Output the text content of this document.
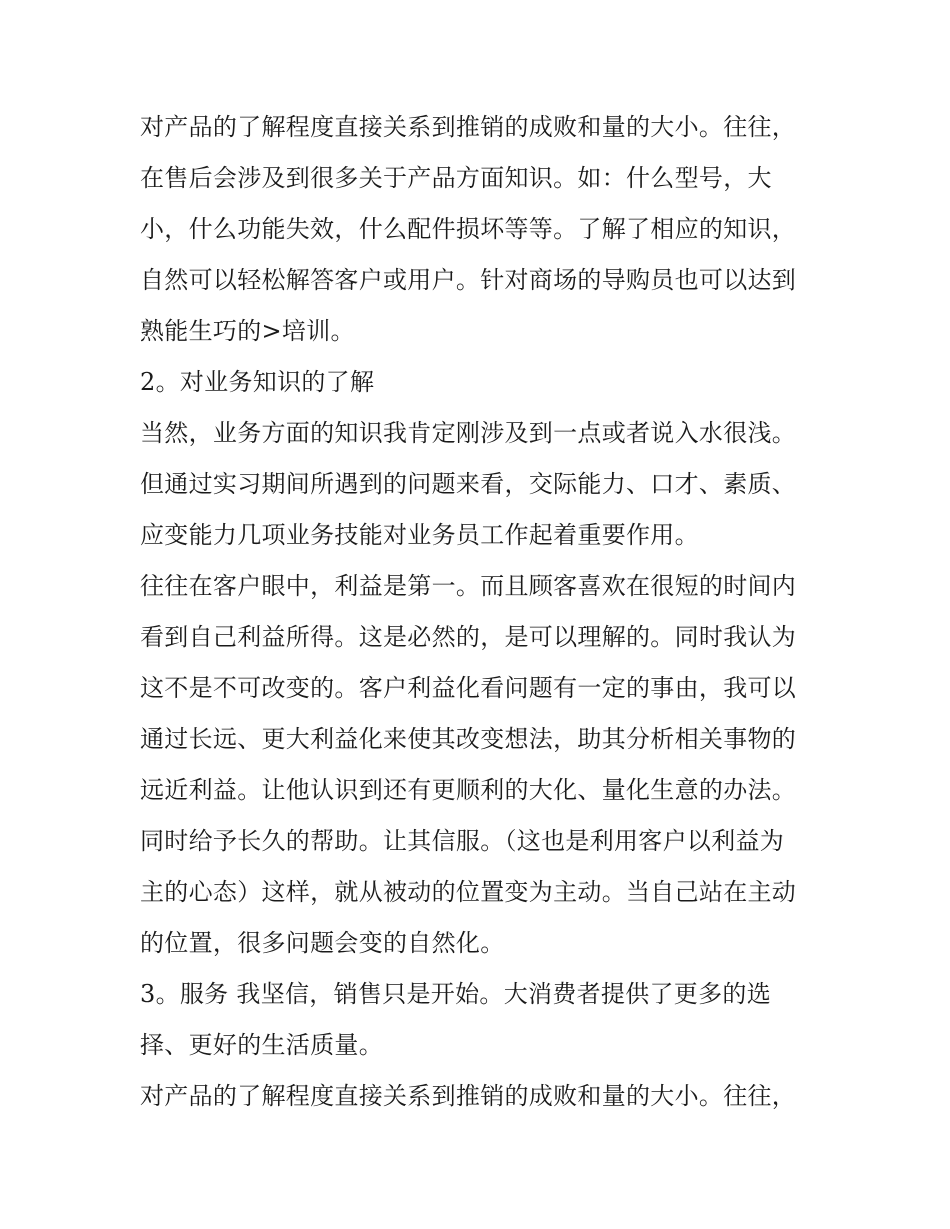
对产品的了解程度直接关系到推销的成败和量的大小。往往，
在售后会涉及到很多关于产品方面知识。如：什么型号，大
小，什么功能失效，什么配件损坏等等。了解了相应的知识，
自然可以轻松解答客户或用户。针对商场的导购员也可以达到
熟能生巧的>培训。
2。对业务知识的了解
当然，业务方面的知识我肯定刚涉及到一点或者说入水很浅。
但通过实习期间所遇到的问题来看，交际能力、口才、素质、
应变能力几项业务技能对业务员工作起着重要作用。
往往在客户眼中，利益是第一。而且顾客喜欢在很短的时间内
看到自己利益所得。这是必然的，是可以理解的。同时我认为
这不是不可改变的。客户利益化看问题有一定的事由，我可以
通过长远、更大利益化来使其改变想法，助其分析相关事物的
远近利益。让他认识到还有更顺利的大化、量化生意的办法。
同时给予长久的帮助。让其信服。（这也是利用客户以利益为
主的心态）这样，就从被动的位置变为主动。当自己站在主动
的位置，很多问题会变的自然化。
3。服务 我坚信，销售只是开始。大消费者提供了更多的选
择、更好的生活质量。
对产品的了解程度直接关系到推销的成败和量的大小。往往，
